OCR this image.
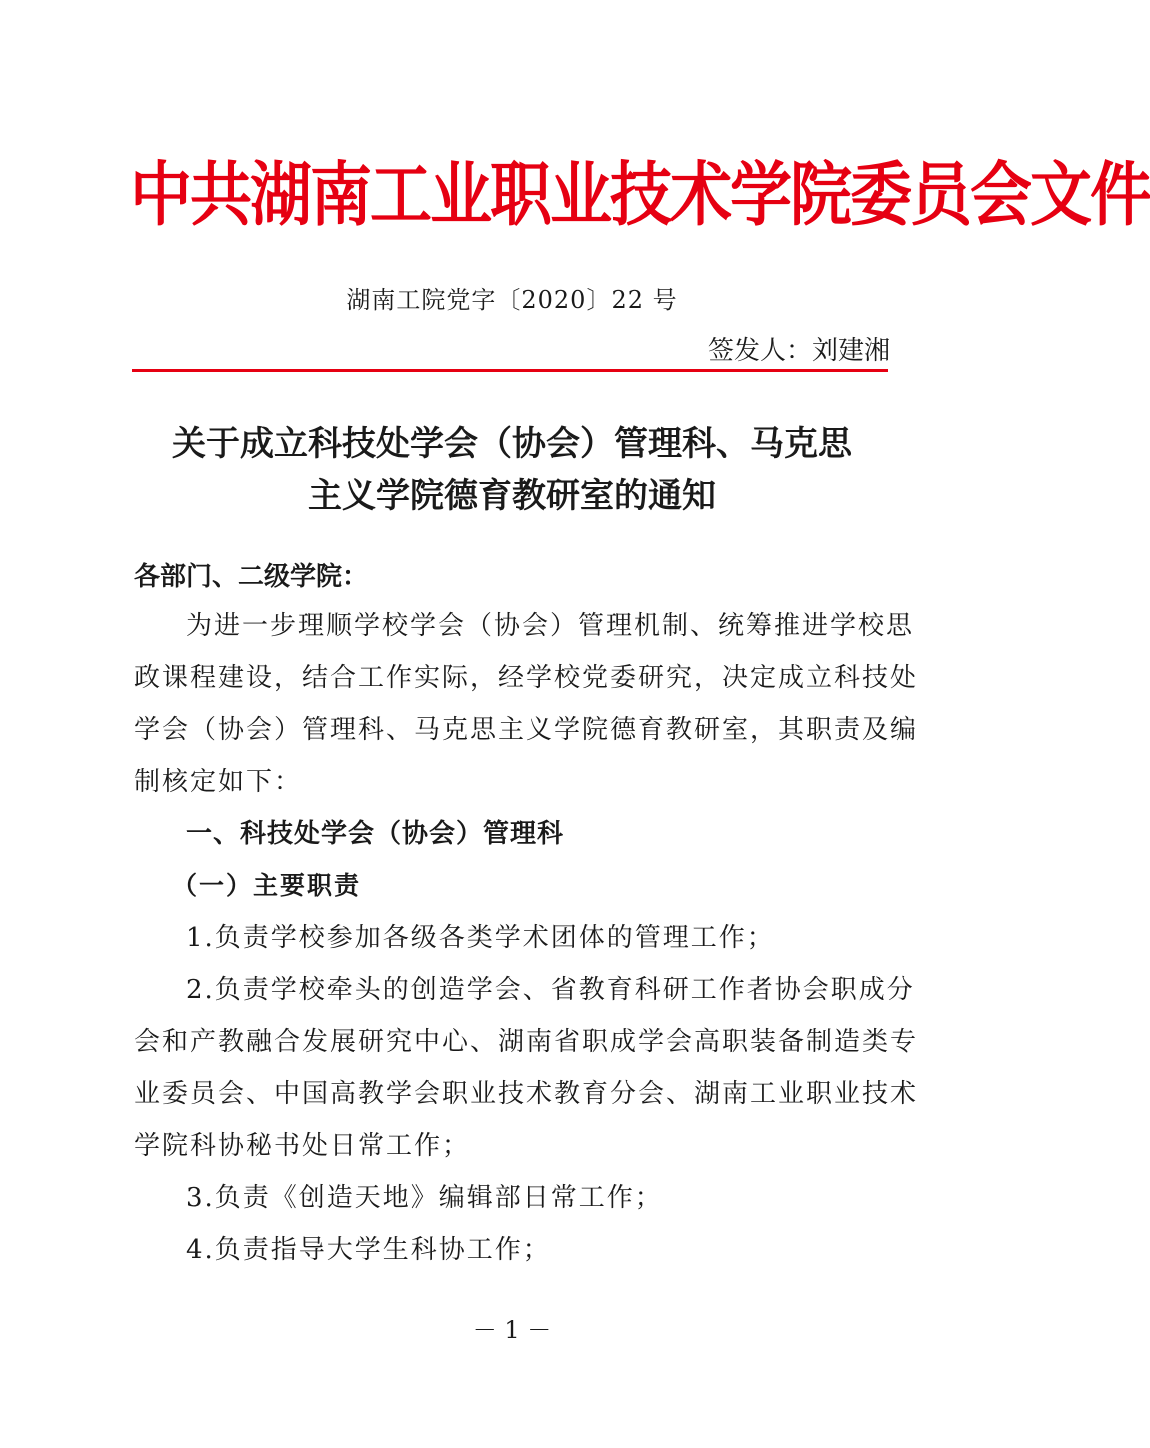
中共湖南工业职业技术学院委员会文件
湖南工院党字〔2020〕22 号
签发人：刘建湘
关于成立科技处学会（协会）管理科、马克思
主义学院德育教研室的通知
各部门、二级学院：
为进一步理顺学校学会（协会）管理机制、统筹推进学校思
政课程建设，结合工作实际，经学校党委研究，决定成立科技处
学会（协会）管理科、马克思主义学院德育教研室，其职责及编
制核定如下：
一、科技处学会（协会）管理科
（一）主要职责
1.负责学校参加各级各类学术团体的管理工作；
2.负责学校牵头的创造学会、省教育科研工作者协会职成分
会和产教融合发展研究中心、湖南省职成学会高职装备制造类专
业委员会、中国高教学会职业技术教育分会、湖南工业职业技术
学院科协秘书处日常工作；
3.负责《创造天地》编辑部日常工作；
4.负责指导大学生科协工作；
－ 1 －
